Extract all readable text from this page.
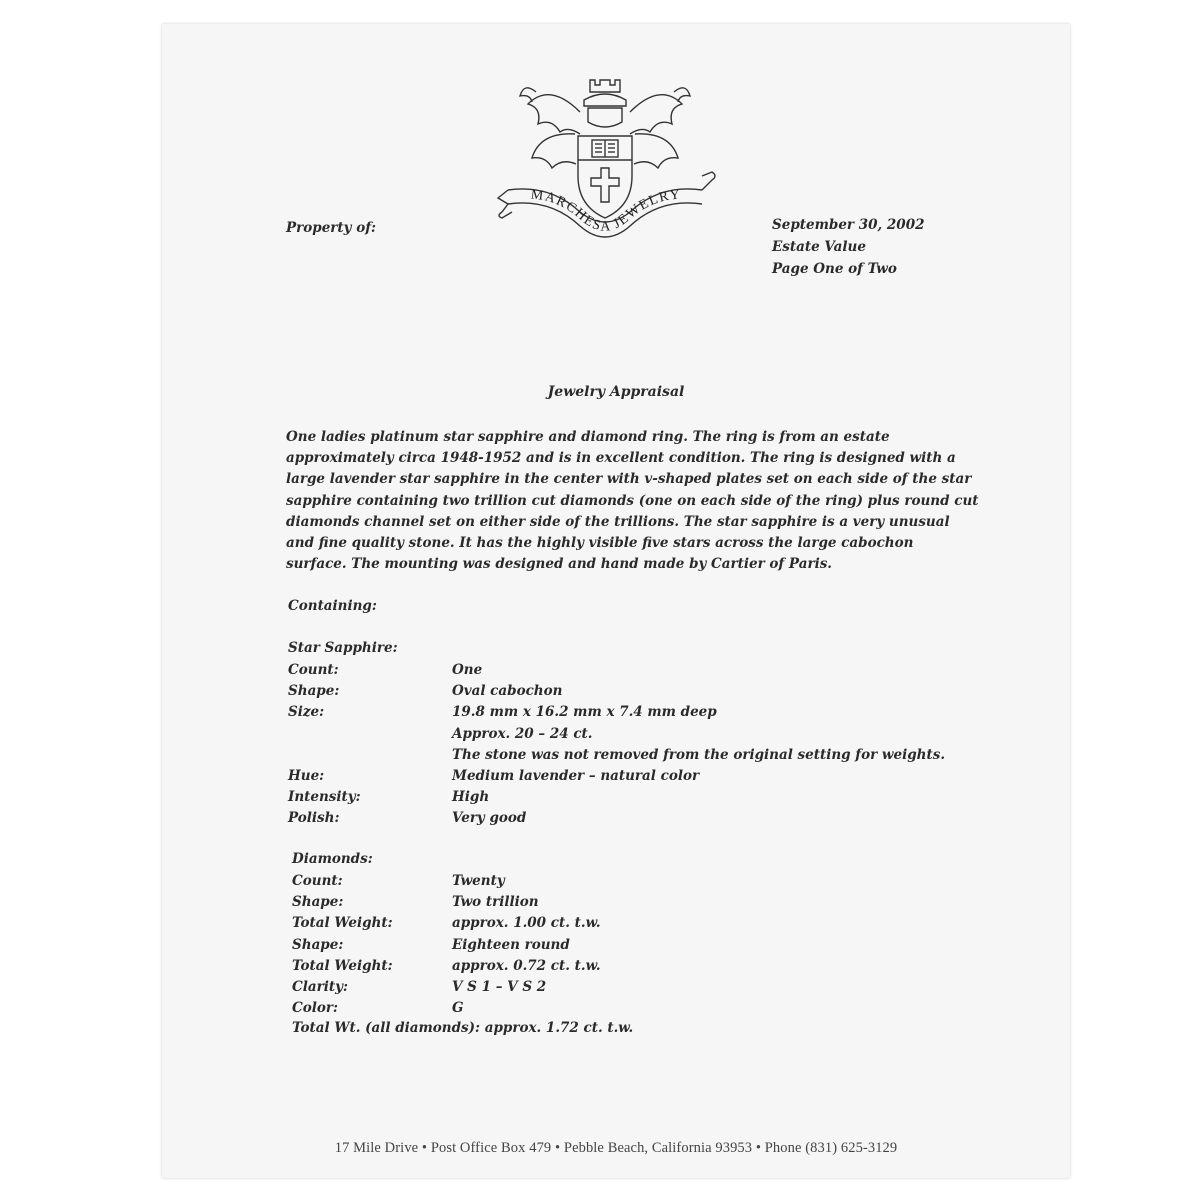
MARCHESA JEWELRY
Property of:	September 30, 2002
Estate Value
Page One of Two
Jewelry Appraisal
One ladies platinum star sapphire and diamond ring. The ring is from an estate
approximately circa 1948-1952 and is in excellent condition. The ring is designed with a
large lavender star sapphire in the center with v-shaped plates set on each side of the star
sapphire containing two trillion cut diamonds (one on each side of the ring) plus round cut
diamonds channel set on either side of the trillions. The star sapphire is a very unusual
and fine quality stone. It has the highly visible five stars across the large cabochon
surface. The mounting was designed and hand made by Cartier of Paris.
Containing:
Star Sapphire:
Count:	One
Shape:	Oval cabochon
Size:	19.8 mm x 16.2 mm x 7.4 mm deep
Approx. 20 – 24 ct.
The stone was not removed from the original setting for weights.
Hue:	Medium lavender – natural color
Intensity:	High
Polish:	Very good
Diamonds:
Count:	Twenty
Shape:	Two trillion
Total Weight:	approx. 1.00 ct. t.w.
Shape:	Eighteen round
Total Weight:	approx. 0.72 ct. t.w.
Clarity:	V S 1 – V S 2
Color:	G
Total Wt. (all diamonds): approx. 1.72 ct. t.w.
17 Mile Drive • Post Office Box 479 • Pebble Beach, California 93953 • Phone (831) 625-3129
